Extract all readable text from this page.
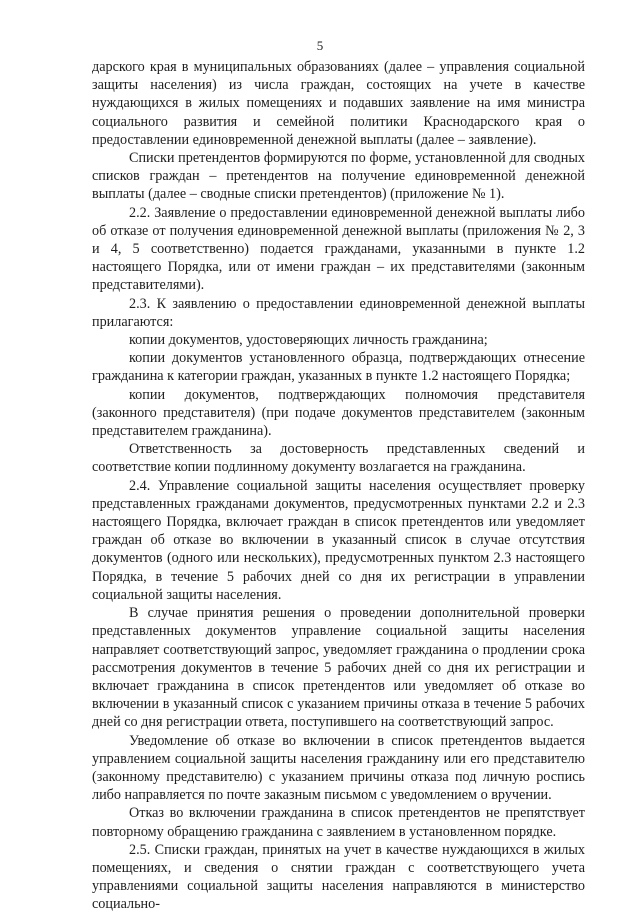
5

дарского края в муниципальных образованиях (далее – управления социальной защиты населения) из числа граждан, состоящих на учете в качестве нуждающихся в жилых помещениях и подавших заявление на имя министра социального развития и семейной политики Краснодарского края о предоставлении единовременной денежной выплаты (далее – заявление).

Списки претендентов формируются по форме, установленной для сводных списков граждан – претендентов на получение единовременной денежной выплаты (далее – сводные списки претендентов) (приложение № 1).

2.2. Заявление о предоставлении единовременной денежной выплаты либо об отказе от получения единовременной денежной выплаты (приложения № 2, 3 и 4, 5 соответственно) подается гражданами, указанными в пункте 1.2 настоящего Порядка, или от имени граждан – их представителями (законным представителями).

2.3. К заявлению о предоставлении единовременной денежной выплаты прилагаются:

копии документов, удостоверяющих личность гражданина;

копии документов установленного образца, подтверждающих отнесение гражданина к категории граждан, указанных в пункте 1.2 настоящего Порядка;

копии документов, подтверждающих полномочия представителя (законного представителя) (при подаче документов представителем (законным представителем гражданина).

Ответственность за достоверность представленных сведений и соответствие копии подлинному документу возлагается на гражданина.

2.4. Управление социальной защиты населения осуществляет проверку представленных гражданами документов, предусмотренных пунктами 2.2 и 2.3 настоящего Порядка, включает граждан в список претендентов или уведомляет граждан об отказе во включении в указанный список в случае отсутствия документов (одного или нескольких), предусмотренных пунктом 2.3 настоящего Порядка, в течение 5 рабочих дней со дня их регистрации в управлении социальной защиты населения.

В случае принятия решения о проведении дополнительной проверки представленных документов управление социальной защиты населения направляет соответствующий запрос, уведомляет гражданина о продлении срока рассмотрения документов в течение 5 рабочих дней со дня их регистрации и включает гражданина в список претендентов или уведомляет об отказе во включении в указанный список с указанием причины отказа в течение 5 рабочих дней со дня регистрации ответа, поступившего на соответствующий запрос.

Уведомление об отказе во включении в список претендентов выдается управлением социальной защиты населения гражданину или его представителю (законному представителю) с указанием причины отказа под личную роспись либо направляется по почте заказным письмом с уведомлением о вручении.

Отказ во включении гражданина в список претендентов не препятствует повторному обращению гражданина с заявлением в установленном порядке.

2.5. Списки граждан, принятых на учет в качестве нуждающихся в жилых помещениях, и сведения о снятии граждан с соответствующего учета управлениями социальной защиты населения направляются в министерство социально-
